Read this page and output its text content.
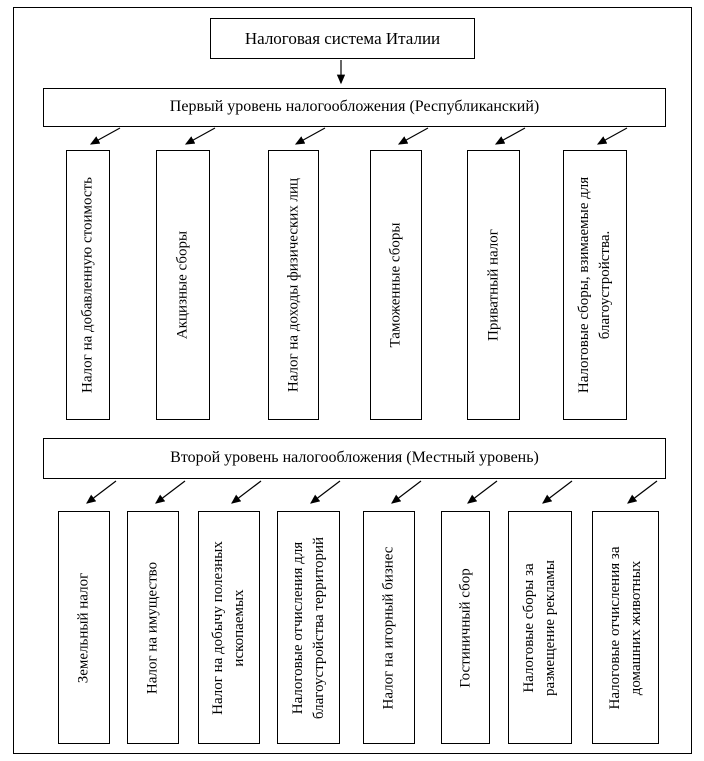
Налоговая система Италии
Первый уровень налогообложения (Республиканский)
Налог на добавленную стоимость	Акцизные сборы	Налог на доходы физических лиц	Таможенные сборы	Приватный налог	Налоговые сборы, взимаемые для благоустройства.
Второй уровень налогообложения (Местный уровень)
Земельный налог	Налог на имущество	Налог на добычу полезных ископаемых	Налоговые отчисления для благоустройства территорий	Налог на игорный бизнес	Гостиничный сбор	Налоговые сборы за размещение рекламы	Налоговые отчисления за домашних животных
